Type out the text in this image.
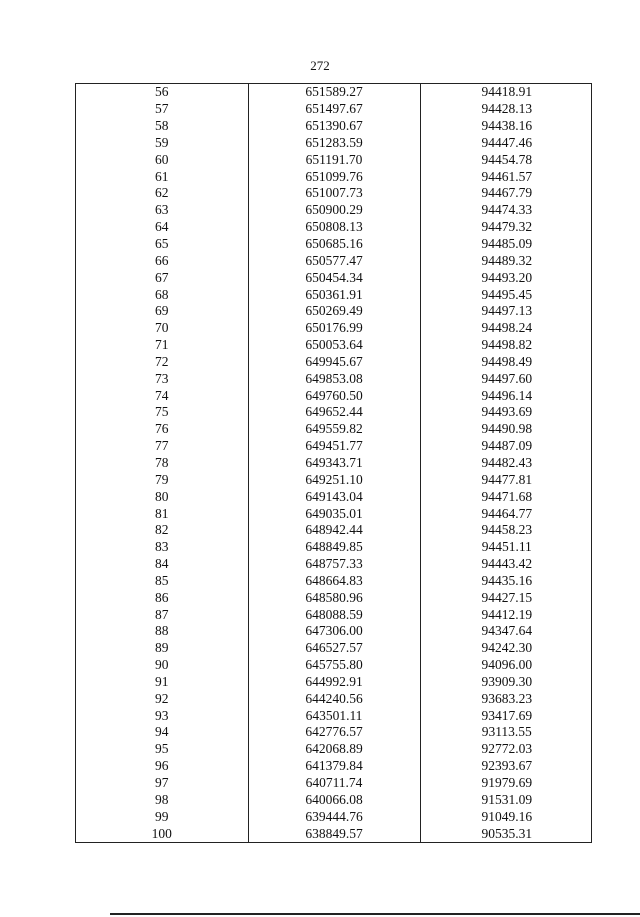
272
56	651589.27	94418.91
57	651497.67	94428.13
58	651390.67	94438.16
59	651283.59	94447.46
60	651191.70	94454.78
61	651099.76	94461.57
62	651007.73	94467.79
63	650900.29	94474.33
64	650808.13	94479.32
65	650685.16	94485.09
66	650577.47	94489.32
67	650454.34	94493.20
68	650361.91	94495.45
69	650269.49	94497.13
70	650176.99	94498.24
71	650053.64	94498.82
72	649945.67	94498.49
73	649853.08	94497.60
74	649760.50	94496.14
75	649652.44	94493.69
76	649559.82	94490.98
77	649451.77	94487.09
78	649343.71	94482.43
79	649251.10	94477.81
80	649143.04	94471.68
81	649035.01	94464.77
82	648942.44	94458.23
83	648849.85	94451.11
84	648757.33	94443.42
85	648664.83	94435.16
86	648580.96	94427.15
87	648088.59	94412.19
88	647306.00	94347.64
89	646527.57	94242.30
90	645755.80	94096.00
91	644992.91	93909.30
92	644240.56	93683.23
93	643501.11	93417.69
94	642776.57	93113.55
95	642068.89	92772.03
96	641379.84	92393.67
97	640711.74	91979.69
98	640066.08	91531.09
99	639444.76	91049.16
100	638849.57	90535.31
